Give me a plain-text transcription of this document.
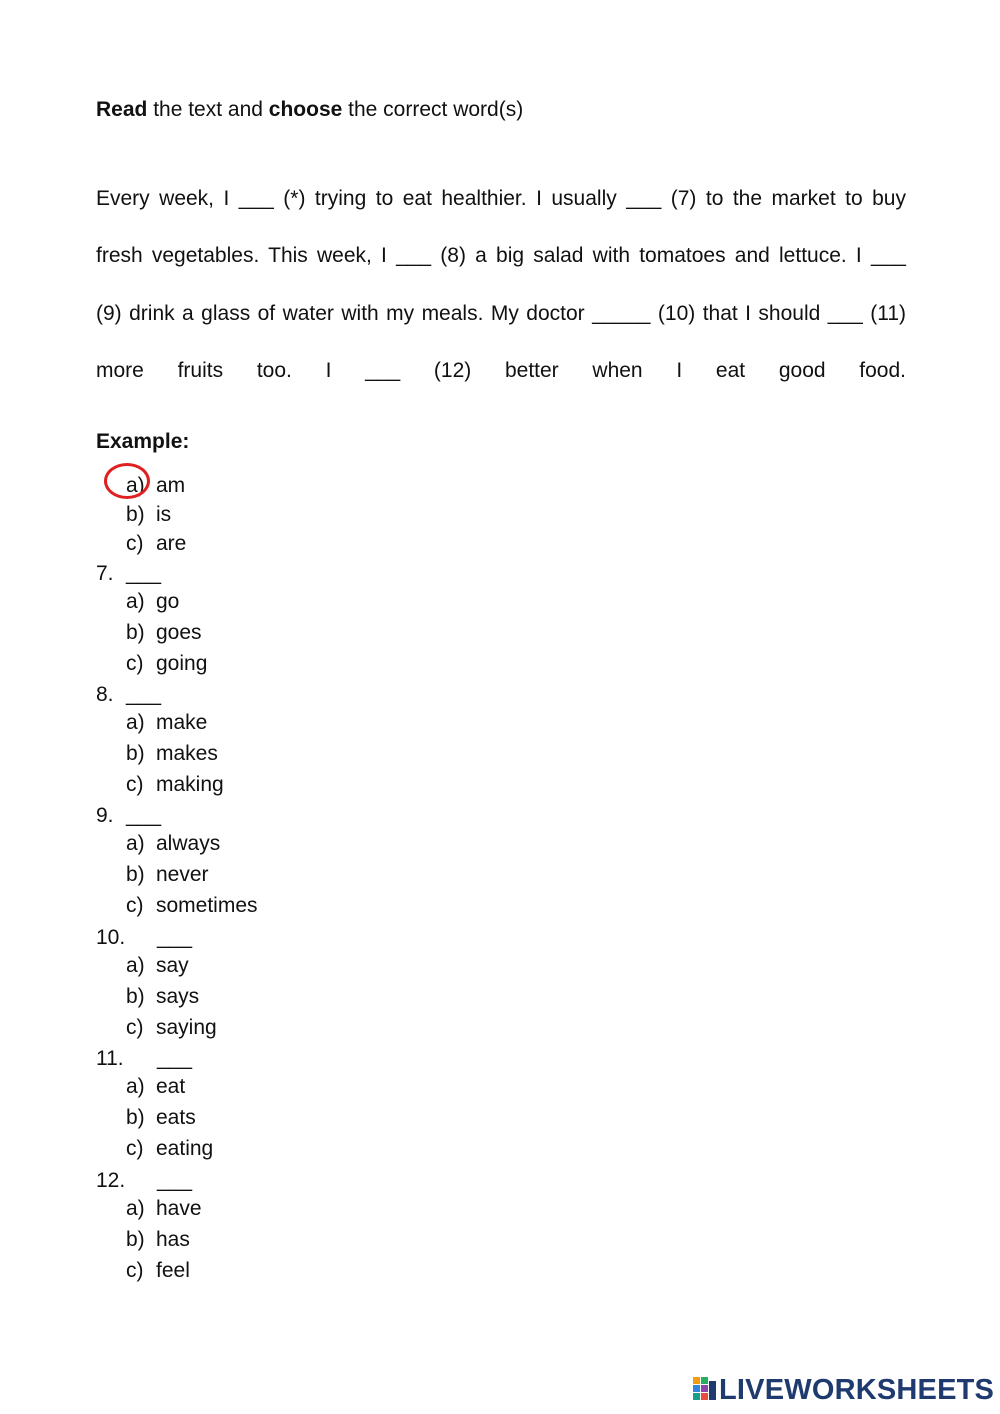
Read the text and choose the correct word(s)
Every week, I ___ (*) trying to eat healthier. I usually ___ (7) to the market to buy
fresh vegetables. This week, I ___ (8) a big salad with tomatoes and lettuce. I ___
(9) drink a glass of water with my meals. My doctor _____ (10) that I should ___ (11)
more fruits too. I ___ (12) better when I eat good food.
Example:
a) am
b) is
c) are
7. ___
a) go
b) goes
c) going
8. ___
a) make
b) makes
c) making
9. ___
a) always
b) never
c) sometimes
10. ___
a) say
b) says
c) saying
11. ___
a) eat
b) eats
c) eating
12. ___
a) have
b) has
c) feel
LIVEWORKSHEETS
